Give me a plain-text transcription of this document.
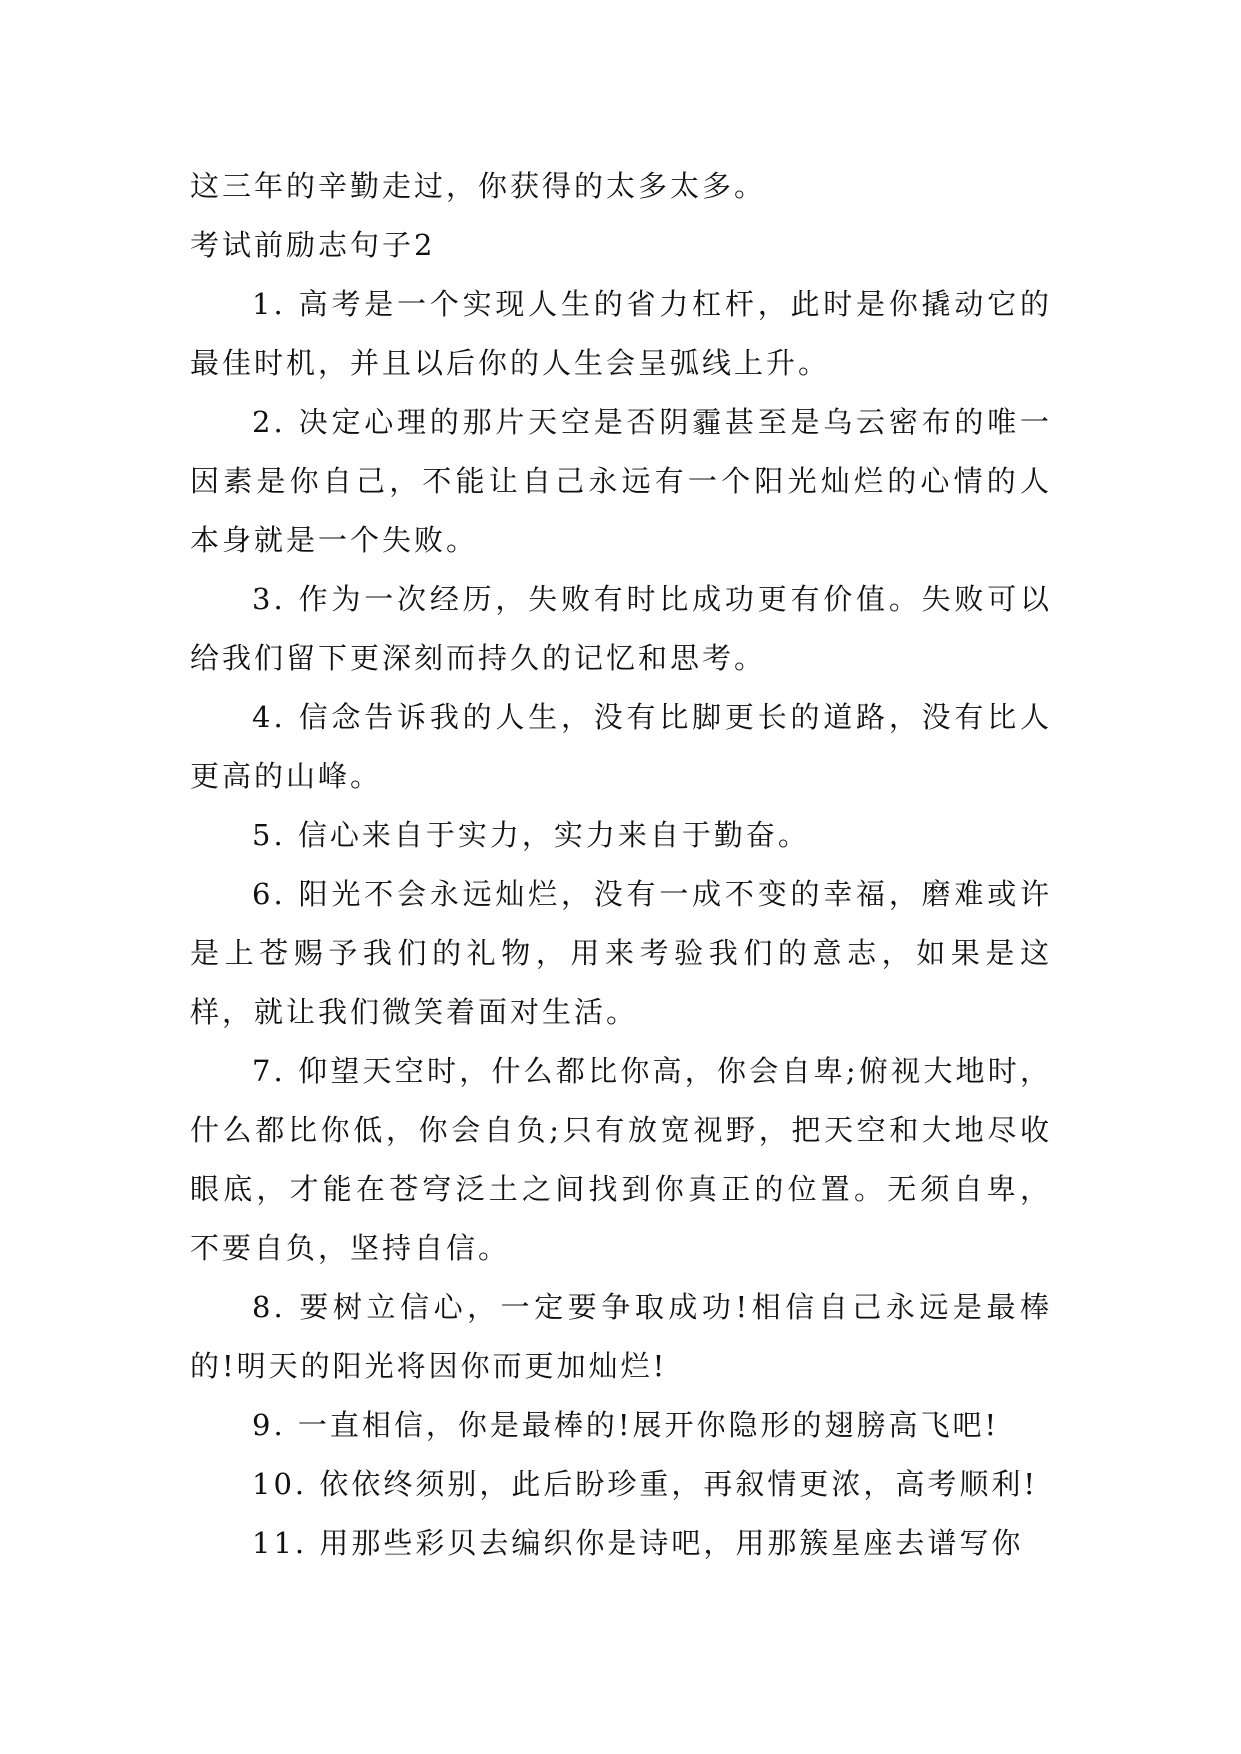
这三年的辛勤走过，你获得的太多太多。

考试前励志句子2

1. 高考是一个实现人生的省力杠杆，此时是你撬动它的最佳时机，并且以后你的人生会呈弧线上升。

2. 决定心理的那片天空是否阴霾甚至是乌云密布的唯一因素是你自己，不能让自己永远有一个阳光灿烂的心情的人本身就是一个失败。

3. 作为一次经历，失败有时比成功更有价值。失败可以给我们留下更深刻而持久的记忆和思考。

4. 信念告诉我的人生，没有比脚更长的道路，没有比人更高的山峰。

5. 信心来自于实力，实力来自于勤奋。

6. 阳光不会永远灿烂，没有一成不变的幸福，磨难或许是上苍赐予我们的礼物，用来考验我们的意志，如果是这样，就让我们微笑着面对生活。

7. 仰望天空时，什么都比你高，你会自卑;俯视大地时，什么都比你低，你会自负;只有放宽视野，把天空和大地尽收眼底，才能在苍穹泛土之间找到你真正的位置。无须自卑，不要自负，坚持自信。

8. 要树立信心，一定要争取成功!相信自己永远是最棒的!明天的阳光将因你而更加灿烂!

9. 一直相信，你是最棒的!展开你隐形的翅膀高飞吧!

10. 依依终须别，此后盼珍重，再叙情更浓，高考顺利!

11. 用那些彩贝去编织你是诗吧，用那簇星座去谱写你
